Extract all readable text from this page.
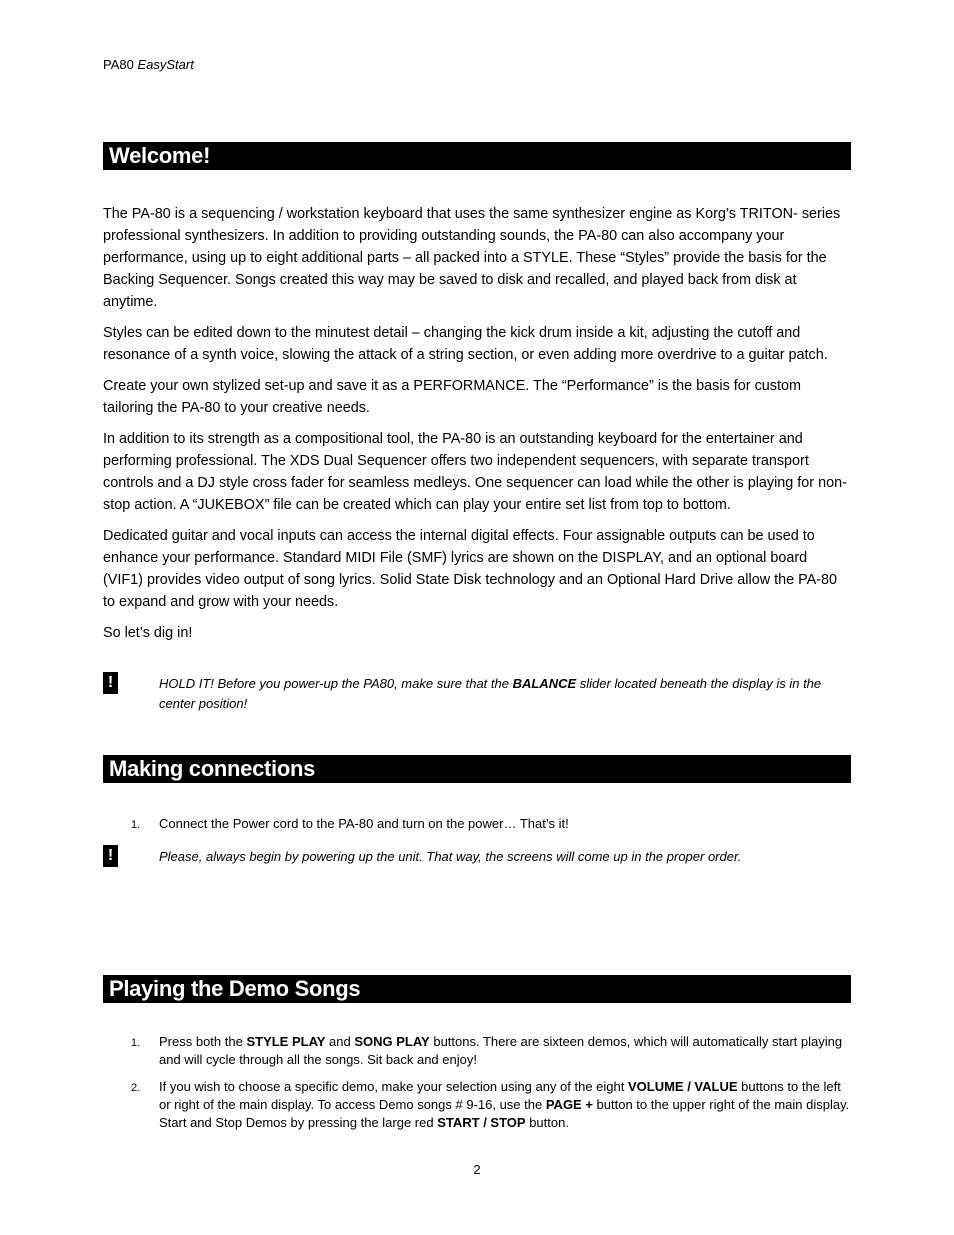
PA80 EasyStart
Welcome!

The PA-80 is a sequencing / workstation keyboard that uses the same synthesizer engine as Korg’s TRITON- series professional synthesizers. In addition to providing outstanding sounds, the PA-80 can also accompany your performance, using up to eight additional parts – all packed into a STYLE. These “Styles” provide the basis for the Backing Sequencer. Songs created this way may be saved to disk and recalled, and played back from disk at anytime.

Styles can be edited down to the minutest detail – changing the kick drum inside a kit, adjusting the cutoff and resonance of a synth voice, slowing the attack of a string section, or even adding more overdrive to a guitar patch.

Create your own stylized set-up and save it as a PERFORMANCE. The “Performance” is the basis for custom tailoring the PA-80 to your creative needs.

In addition to its strength as a compositional tool, the PA-80 is an outstanding keyboard for the entertainer and performing professional. The XDS Dual Sequencer offers two independent sequencers, with separate transport controls and a DJ style cross fader for seamless medleys. One sequencer can load while the other is playing for non-stop action. A “JUKEBOX” file can be created which can play your entire set list from top to bottom.

Dedicated guitar and vocal inputs can access the internal digital effects. Four assignable outputs can be used to enhance your performance. Standard MIDI File (SMF) lyrics are shown on the DISPLAY, and an optional board (VIF1) provides video output of song lyrics. Solid State Disk technology and an Optional Hard Drive allow the PA-80 to expand and grow with your needs.

So let’s dig in!

!	HOLD IT! Before you power-up the PA80, make sure that the BALANCE slider located beneath the display is in the center position!
Making connections
1. Connect the Power cord to the PA-80 and turn on the power… That’s it!
!	Please, always begin by powering up the unit. That way, the screens will come up in the proper order.
Playing the Demo Songs
1. Press both the STYLE PLAY and SONG PLAY buttons. There are sixteen demos, which will automatically start playing and will cycle through all the songs. Sit back and enjoy!
2. If you wish to choose a specific demo, make your selection using any of the eight VOLUME / VALUE buttons to the left or right of the main display. To access Demo songs # 9-16, use the PAGE + button to the upper right of the main display. Start and Stop Demos by pressing the large red START / STOP button.
2
